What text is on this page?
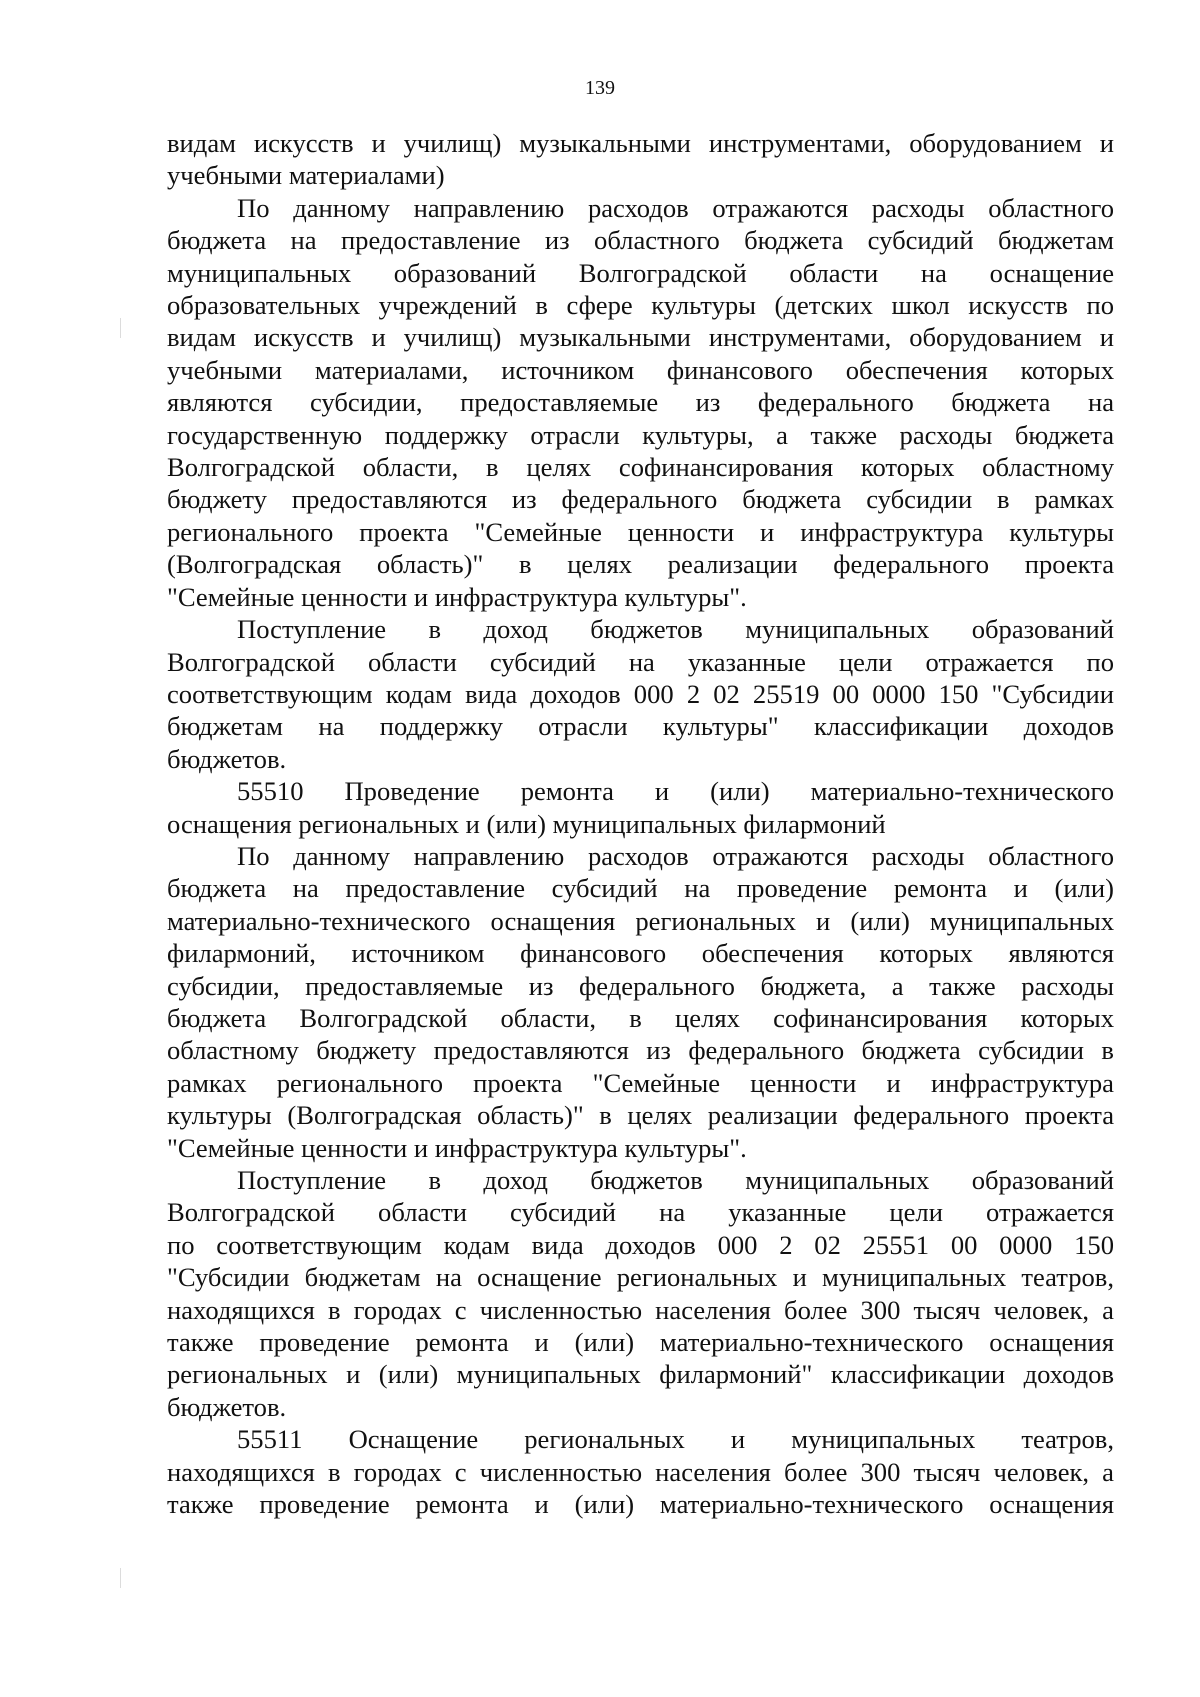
139
видам искусств и училищ) музыкальными инструментами, оборудованием и
учебными материалами)
По данному направлению расходов отражаются расходы областного
бюджета на предоставление из областного бюджета субсидий бюджетам
муниципальных образований Волгоградской области на оснащение
образовательных учреждений в сфере культуры (детских школ искусств по
видам искусств и училищ) музыкальными инструментами, оборудованием и
учебными материалами, источником финансового обеспечения которых
являются субсидии, предоставляемые из федерального бюджета на
государственную поддержку отрасли культуры, а также расходы бюджета
Волгоградской области, в целях софинансирования которых областному
бюджету предоставляются из федерального бюджета субсидии в рамках
регионального проекта "Семейные ценности и инфраструктура культуры
(Волгоградская область)" в целях реализации федерального проекта
"Семейные ценности и инфраструктура культуры".
Поступление в доход бюджетов муниципальных образований
Волгоградской области субсидий на указанные цели отражается по
соответствующим кодам вида доходов 000 2 02 25519 00 0000 150 "Субсидии
бюджетам на поддержку отрасли культуры" классификации доходов
бюджетов.
55510 Проведение ремонта и (или) материально-технического
оснащения региональных и (или) муниципальных филармоний
По данному направлению расходов отражаются расходы областного
бюджета на предоставление субсидий на проведение ремонта и (или)
материально-технического оснащения региональных и (или) муниципальных
филармоний, источником финансового обеспечения которых являются
субсидии, предоставляемые из федерального бюджета, а также расходы
бюджета Волгоградской области, в целях софинансирования которых
областному бюджету предоставляются из федерального бюджета субсидии в
рамках регионального проекта "Семейные ценности и инфраструктура
культуры (Волгоградская область)" в целях реализации федерального проекта
"Семейные ценности и инфраструктура культуры".
Поступление в доход бюджетов муниципальных образований
Волгоградской области субсидий на указанные цели отражается
по соответствующим кодам вида доходов 000 2 02 25551 00 0000 150
"Субсидии бюджетам на оснащение региональных и муниципальных театров,
находящихся в городах с численностью населения более 300 тысяч человек, а
также проведение ремонта и (или) материально-технического оснащения
региональных и (или) муниципальных филармоний" классификации доходов
бюджетов.
55511 Оснащение региональных и муниципальных театров,
находящихся в городах с численностью населения более 300 тысяч человек, а
также проведение ремонта и (или) материально-технического оснащения
